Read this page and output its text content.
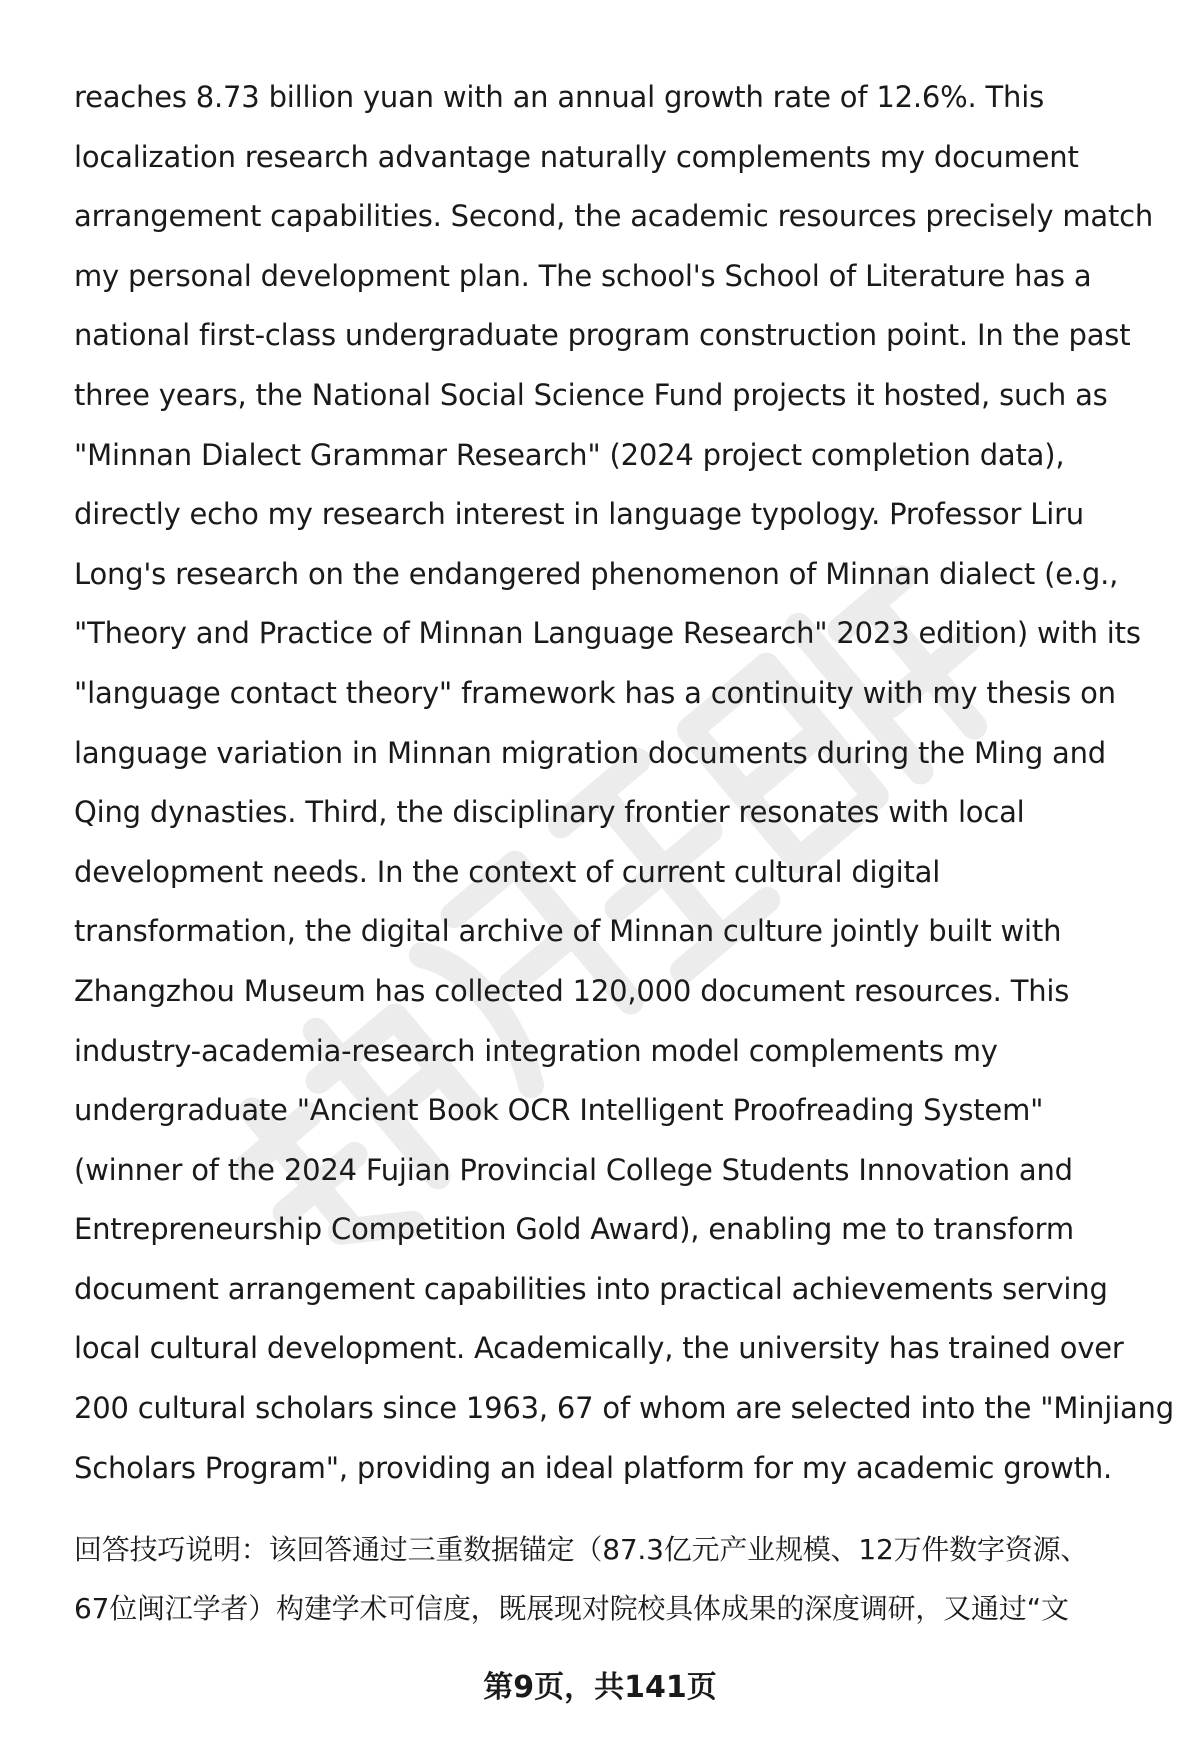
reaches 8.73 billion yuan with an annual growth rate of 12.6%. This
localization research advantage naturally complements my document
arrangement capabilities. Second, the academic resources precisely match
my personal development plan. The school's School of Literature has a
national first-class undergraduate program construction point. In the past
three years, the National Social Science Fund projects it hosted, such as
"Minnan Dialect Grammar Research" (2024 project completion data),
directly echo my research interest in language typology. Professor Liru
Long's research on the endangered phenomenon of Minnan dialect (e.g.,
"Theory and Practice of Minnan Language Research" 2023 edition) with its
"language contact theory" framework has a continuity with my thesis on
language variation in Minnan migration documents during the Ming and
Qing dynasties. Third, the disciplinary frontier resonates with local
development needs. In the context of current cultural digital
transformation, the digital archive of Minnan culture jointly built with
Zhangzhou Museum has collected 120,000 document resources. This
industry-academia-research integration model complements my
undergraduate "Ancient Book OCR Intelligent Proofreading System"
(winner of the 2024 Fujian Provincial College Students Innovation and
Entrepreneurship Competition Gold Award), enabling me to transform
document arrangement capabilities into practical achievements serving
local cultural development. Academically, the university has trained over
200 cultural scholars since 1963, 67 of whom are selected into the "Minjiang
Scholars Program", providing an ideal platform for my academic growth.
回答技巧说明：该回答通过三重数据锚定（87.3亿元产业规模、12万件数字资源、
67位闽江学者）构建学术可信度，既展现对院校具体成果的深度调研，又通过“文
第9页，共141页
